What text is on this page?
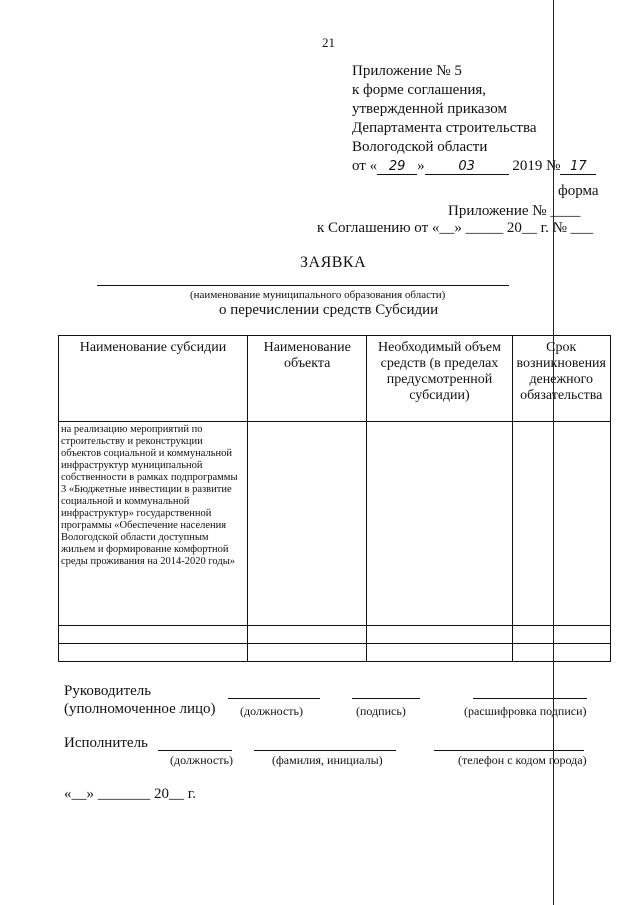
21
Приложение № 5
к форме соглашения,
утвержденной приказом
Департамента строительства
Вологодской области
от « 29 »	03 2019 № 17
форма
Приложение № ____
к Соглашению от «__» _____ 20__ г. № ___
ЗАЯВКА
(наименование муниципального образования области)
о перечислении средств Субсидии
Наименование субсидии	Наименование объекта	Необходимый объем средств (в пределах предусмотренной субсидии)	Срок возникновения денежного обязательства

на реализацию мероприятий по строительству и реконструкции объектов социальной и коммунальной инфраструктур муниципальной собственности в рамках подпрограммы 3 «Бюджетные инвестиции в развитие социальной и коммунальной инфраструктур» государственной программы «Обеспечение населения Вологодской области доступным жильем и формирование комфортной среды проживания на 2014-2020 годы»			

Руководитель
(уполномоченное лицо) (должность)	(подпись)	(расшифровка подписи)
Исполнитель
(должность)	(фамилия, инициалы)	(телефон с кодом города)
«__» _______ 20__ г.
